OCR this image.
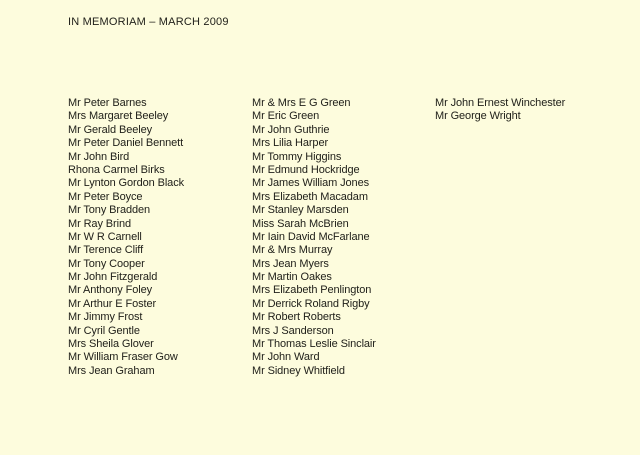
IN MEMORIAM – MARCH 2009
Mr Peter Barnes
Mrs Margaret Beeley
Mr Gerald Beeley
Mr Peter Daniel Bennett
Mr John Bird
Rhona Carmel Birks
Mr Lynton Gordon Black
Mr Peter Boyce
Mr Tony Bradden
Mr Ray Brind
Mr W R Carnell
Mr Terence Cliff
Mr Tony Cooper
Mr John Fitzgerald
Mr Anthony Foley
Mr Arthur E Foster
Mr Jimmy Frost
Mr Cyril Gentle
Mrs Sheila Glover
Mr William Fraser Gow
Mrs Jean Graham
Mr & Mrs E G Green
Mr Eric Green
Mr John Guthrie
Mrs Lilia Harper
Mr Tommy Higgins
Mr Edmund Hockridge
Mr James William Jones
Mrs Elizabeth Macadam
Mr Stanley Marsden
Miss Sarah McBrien
Mr Iain David McFarlane
Mr & Mrs Murray
Mrs Jean Myers
Mr Martin Oakes
Mrs Elizabeth Penlington
Mr Derrick Roland Rigby
Mr Robert Roberts
Mrs J Sanderson
Mr Thomas Leslie Sinclair
Mr John Ward
Mr Sidney Whitfield
Mr John Ernest Winchester
Mr George Wright
